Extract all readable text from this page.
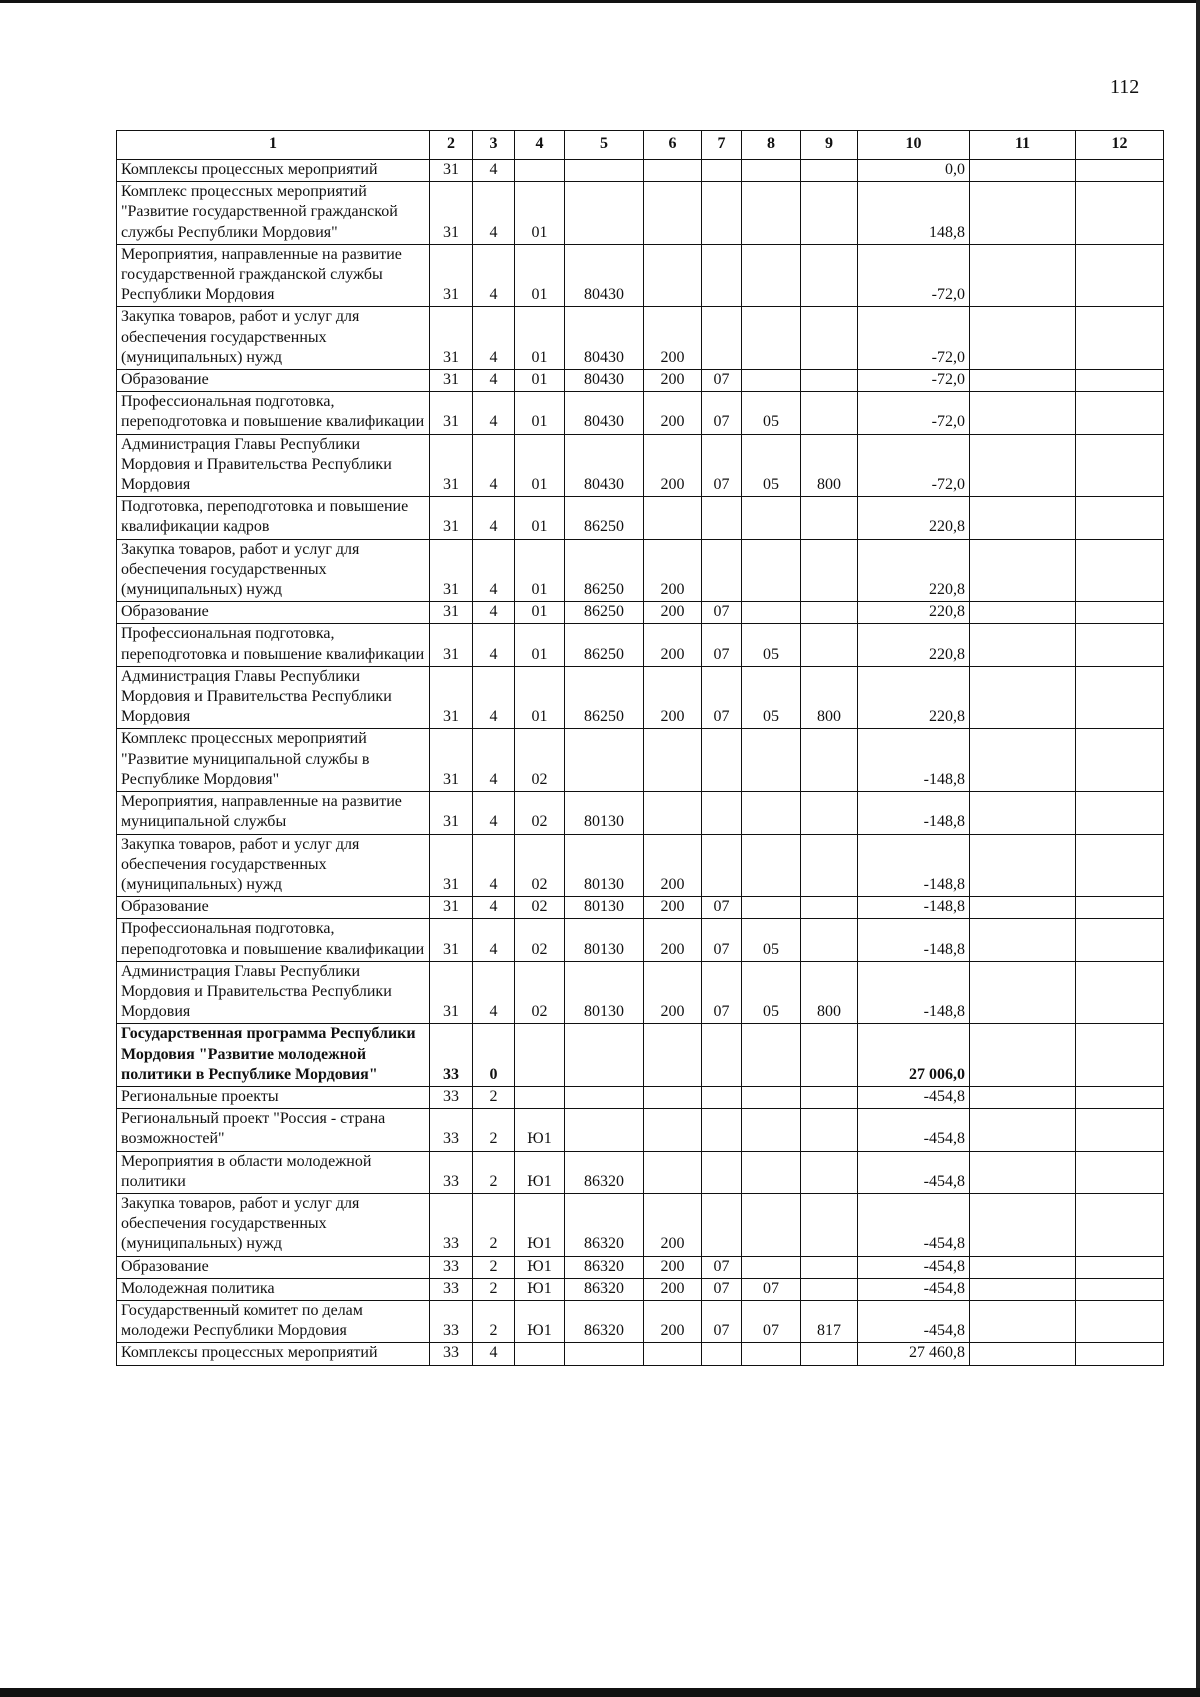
112
1	2	3	4	5	6	7	8	9	10	11	12
Комплексы процессных мероприятий	31	4							0,0		
Комплекс процессных мероприятий "Развитие государственной гражданской службы Республики Мордовия"	31	4	01						148,8		
Мероприятия, направленные на развитие государственной гражданской службы Республики Мордовия	31	4	01	80430					-72,0		
Закупка товаров, работ и услуг для обеспечения государственных (муниципальных) нужд	31	4	01	80430	200				-72,0		
Образование	31	4	01	80430	200	07			-72,0		
Профессиональная подготовка, переподготовка и повышение квалификации	31	4	01	80430	200	07	05		-72,0		
Администрация Главы Республики Мордовия и Правительства Республики Мордовия	31	4	01	80430	200	07	05	800	-72,0		
Подготовка, переподготовка и повышение квалификации кадров	31	4	01	86250					220,8		
Закупка товаров, работ и услуг для обеспечения государственных (муниципальных) нужд	31	4	01	86250	200				220,8		
Образование	31	4	01	86250	200	07			220,8		
Профессиональная подготовка, переподготовка и повышение квалификации	31	4	01	86250	200	07	05		220,8		
Администрация Главы Республики Мордовия и Правительства Республики Мордовия	31	4	01	86250	200	07	05	800	220,8		
Комплекс процессных мероприятий "Развитие муниципальной службы в Республике Мордовия"	31	4	02						-148,8		
Мероприятия, направленные на развитие муниципальной службы	31	4	02	80130					-148,8		
Закупка товаров, работ и услуг для обеспечения государственных (муниципальных) нужд	31	4	02	80130	200				-148,8		
Образование	31	4	02	80130	200	07			-148,8		
Профессиональная подготовка, переподготовка и повышение квалификации	31	4	02	80130	200	07	05		-148,8		
Администрация Главы Республики Мордовия и Правительства Республики Мордовия	31	4	02	80130	200	07	05	800	-148,8		
Государственная программа Республики Мордовия "Развитие молодежной политики в Республике Мордовия"	33	0							27 006,0		
Региональные проекты	33	2							-454,8		
Региональный проект "Россия - страна возможностей"	33	2	Ю1						-454,8		
Мероприятия в области молодежной политики	33	2	Ю1	86320					-454,8		
Закупка товаров, работ и услуг для обеспечения государственных (муниципальных) нужд	33	2	Ю1	86320	200				-454,8		
Образование	33	2	Ю1	86320	200	07			-454,8		
Молодежная политика	33	2	Ю1	86320	200	07	07		-454,8		
Государственный комитет по делам молодежи Республики Мордовия	33	2	Ю1	86320	200	07	07	817	-454,8		
Комплексы процессных мероприятий	33	4							27 460,8		
